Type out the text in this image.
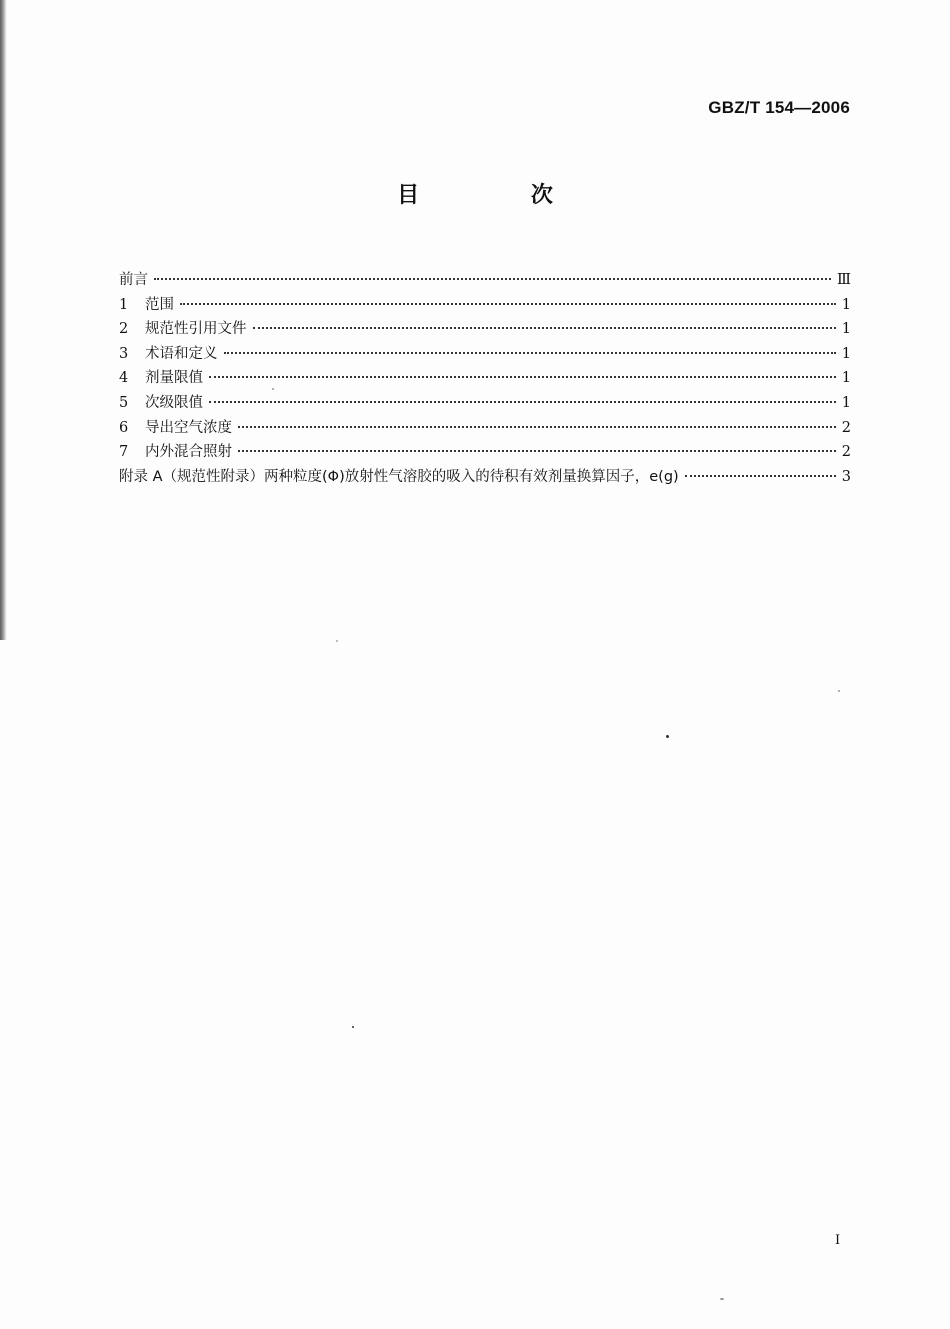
GBZ/T 154—2006
目 次
前言	Ⅲ
1	范围	1
2	规范性引用文件	1
3	术语和定义	1
4	剂量限值	1
5	次级限值	1
6	导出空气浓度	2
7	内外混合照射	2
附录 A（规范性附录）两种粒度(Φ)放射性气溶胶的吸入的待积有效剂量换算因子，e(g)	3
I
